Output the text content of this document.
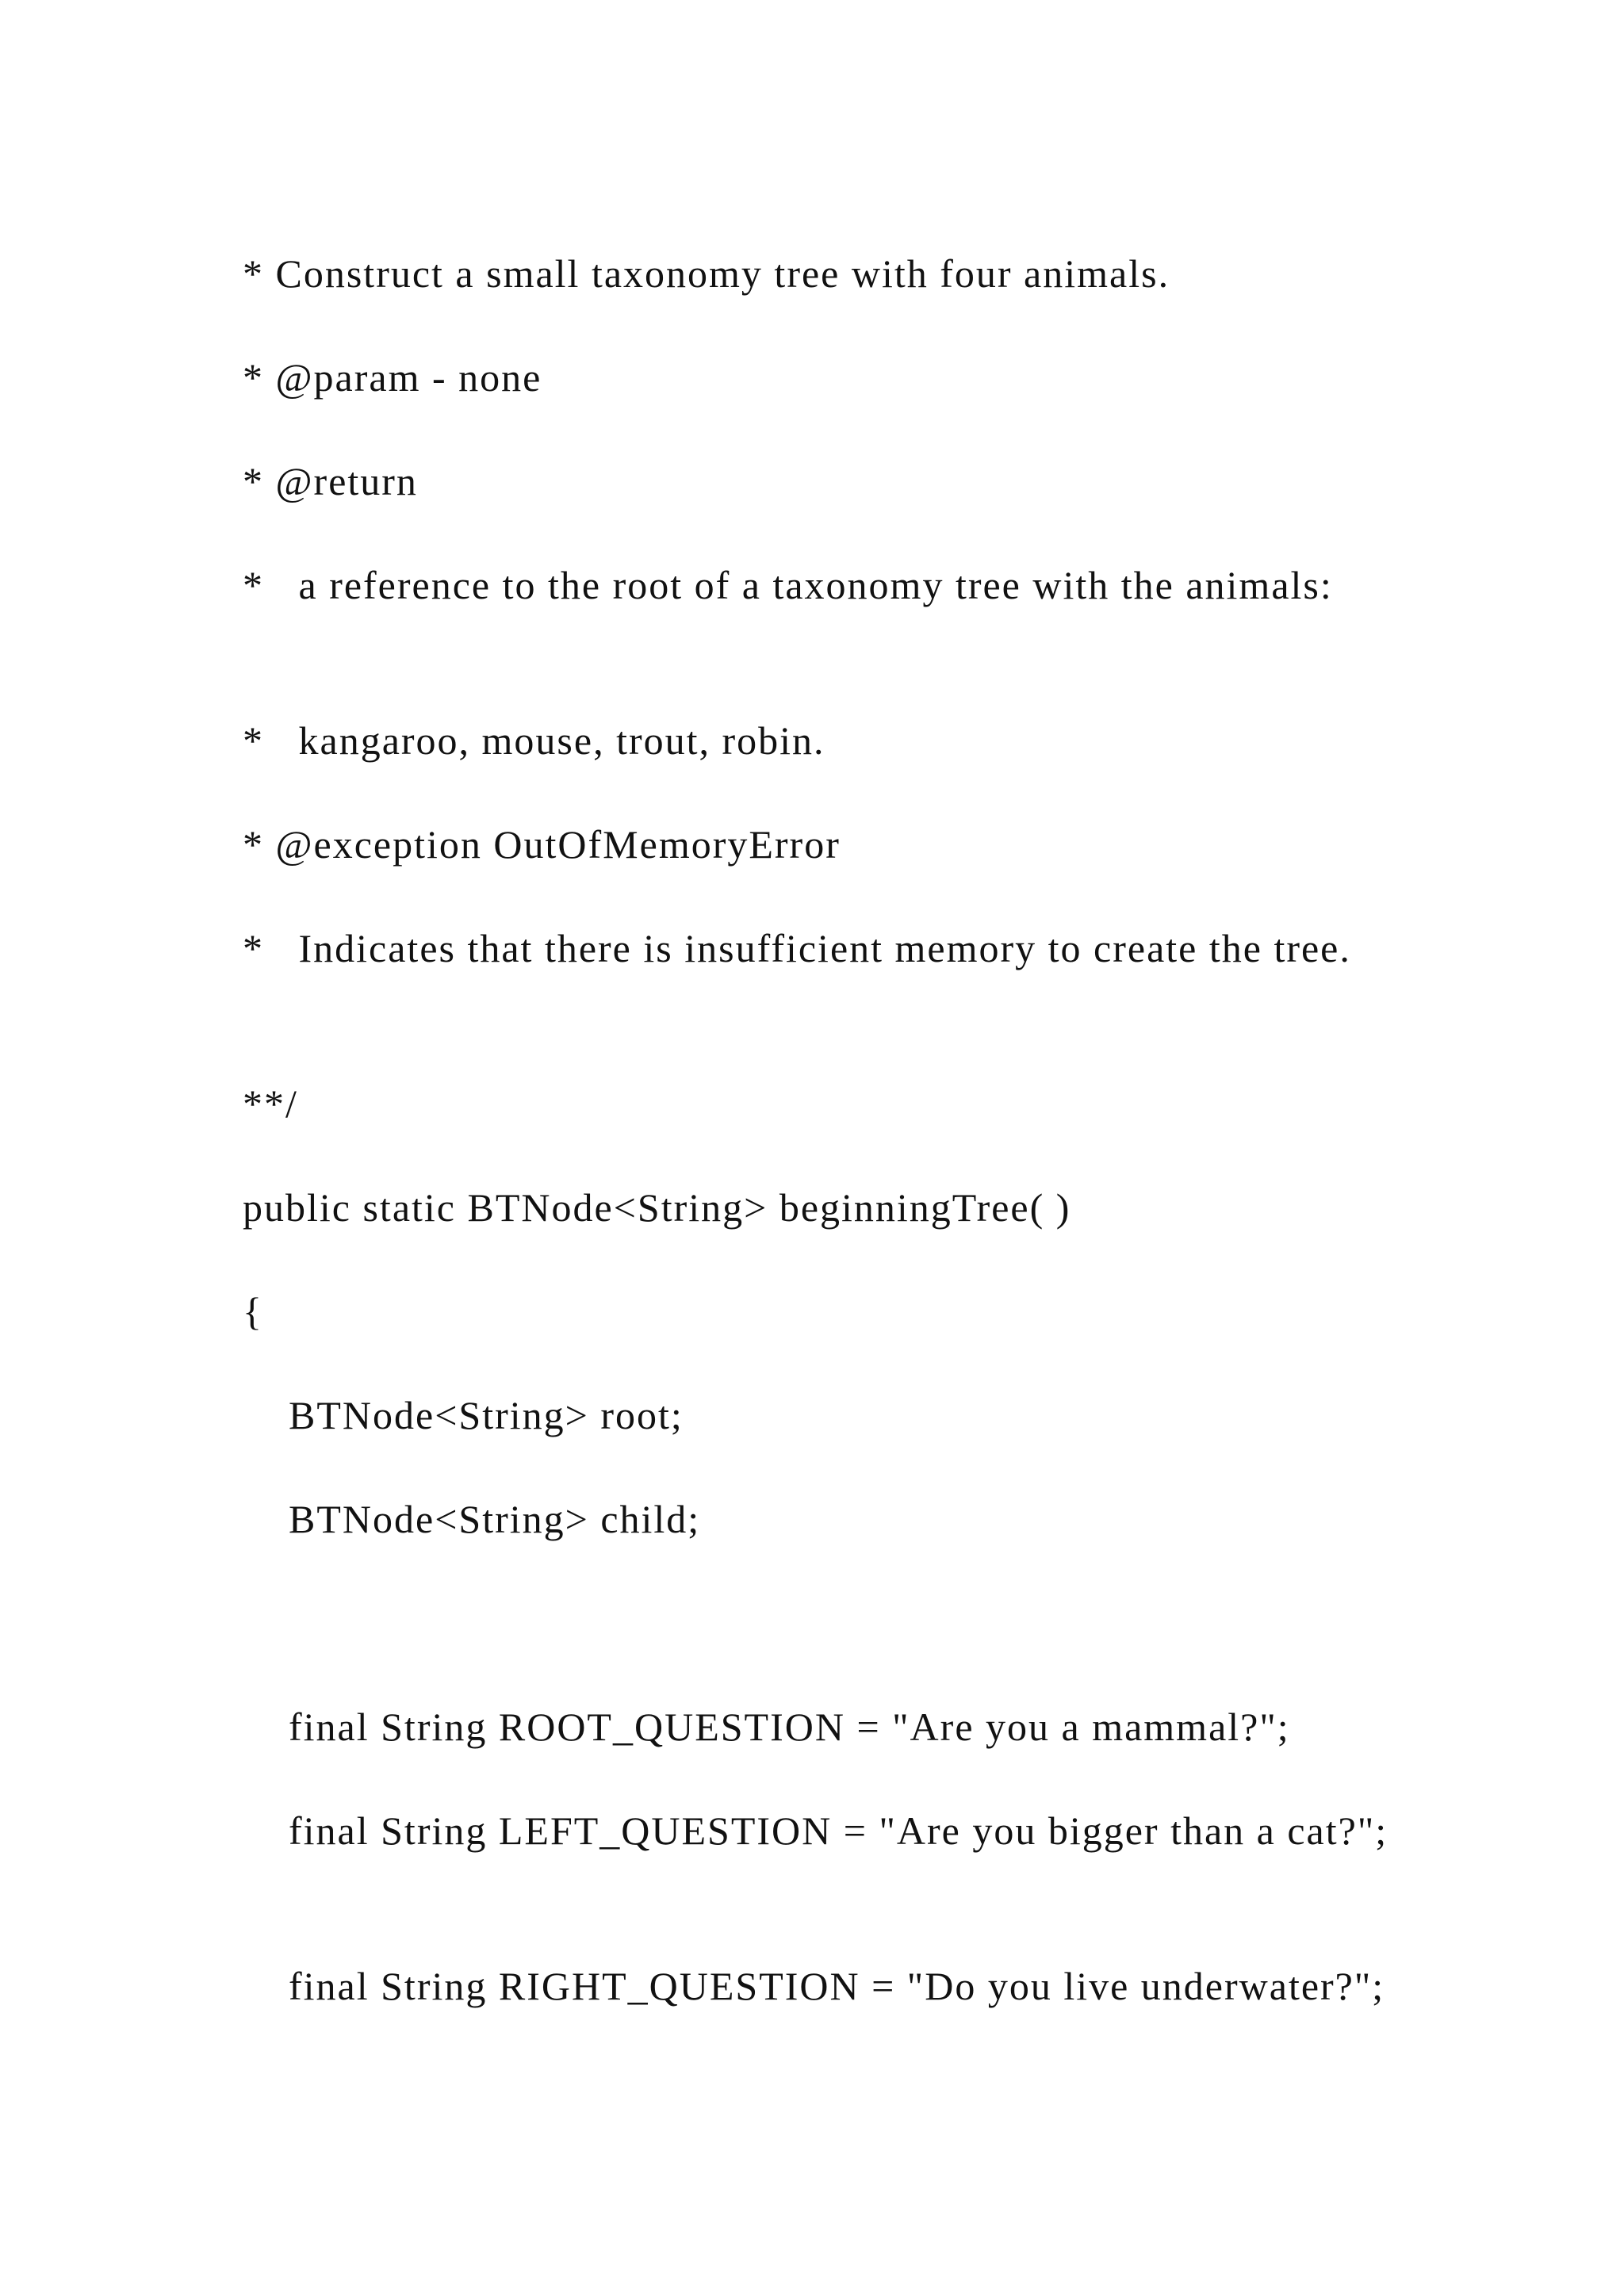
* Construct a small taxonomy tree with four animals.

* @param - none

* @return

*   a reference to the root of a taxonomy tree with the animals:

*   kangaroo, mouse, trout, robin.

* @exception OutOfMemoryError

*   Indicates that there is insufficient memory to create the tree.

**/

public static BTNode<String> beginningTree( )

{

BTNode<String> root;

BTNode<String> child;

final String ROOT_QUESTION = "Are you a mammal?";

final String LEFT_QUESTION = "Are you bigger than a cat?";

final String RIGHT_QUESTION = "Do you live underwater?";
